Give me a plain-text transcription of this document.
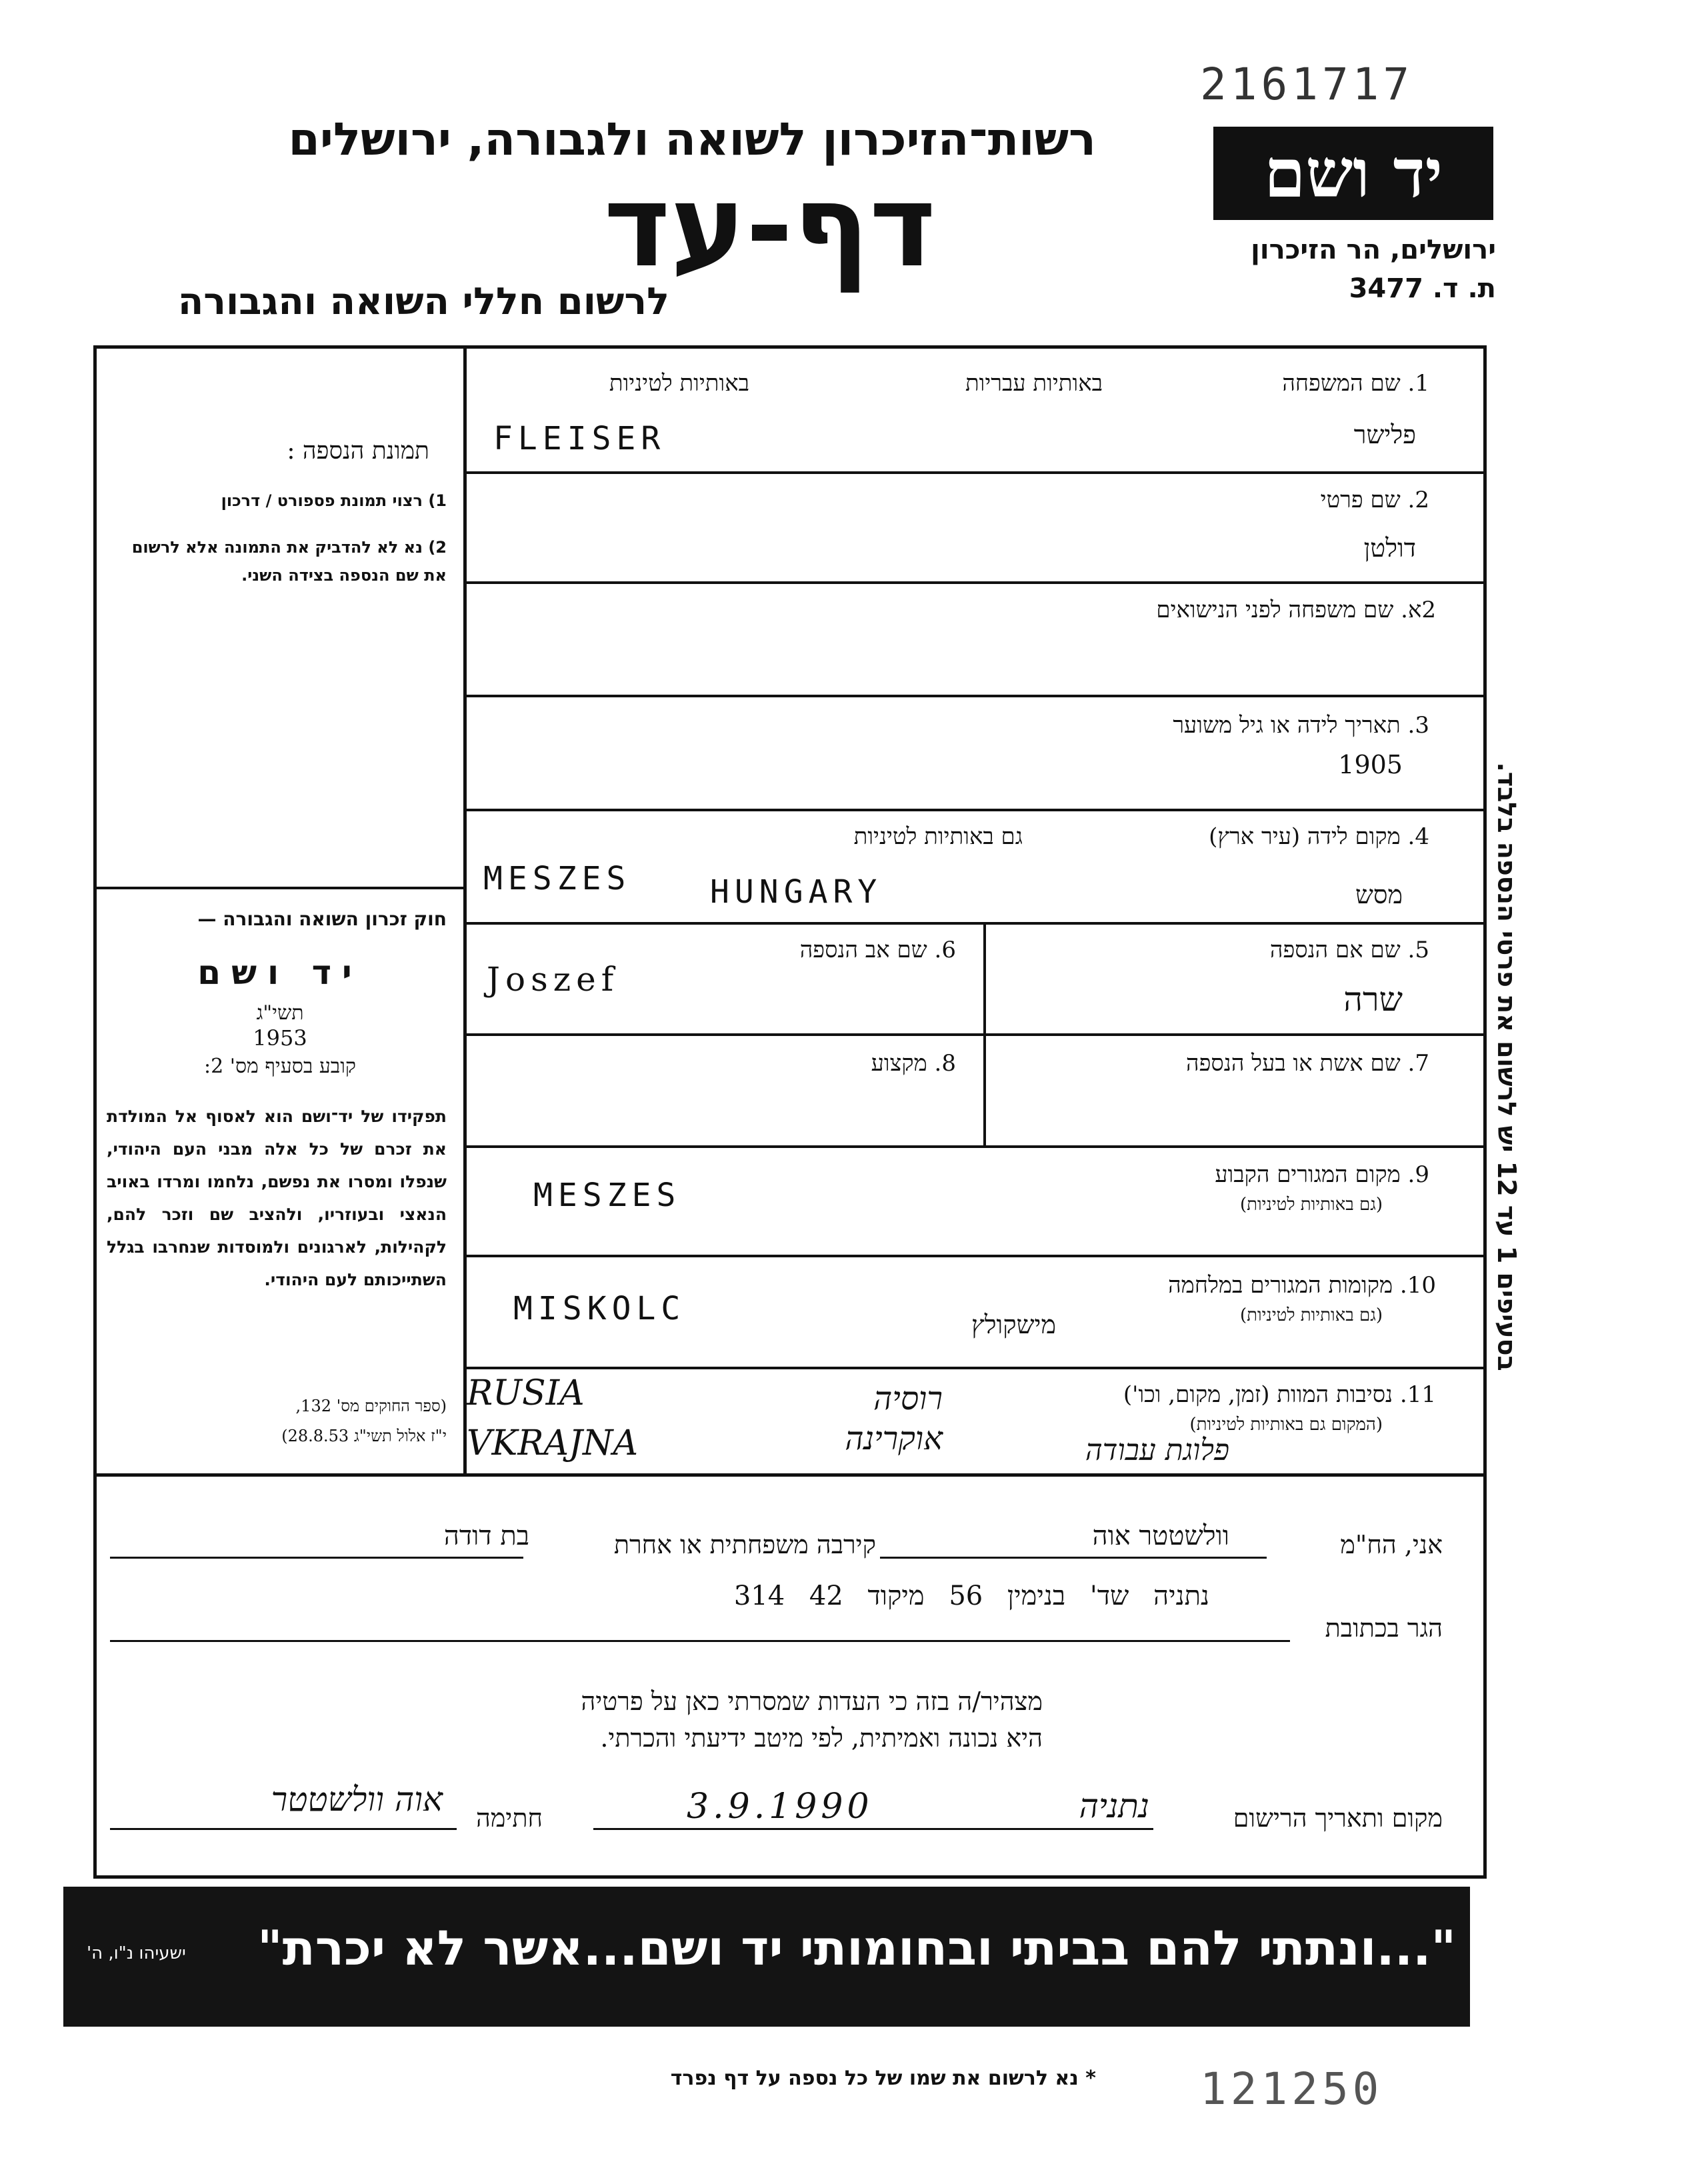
2161717
יד ושם
ירושלים, הר הזיכרון
ת. ד. 3477
רשות־הזיכרון לשואה ולגבורה, ירושלים
דף-עד
לרשום חללי השואה והגבורה
בסעיפים 1 עד 12 יש לרשום את פרטי הנספה בלבד.
תמונת הנספה :
1) רצוי תמונת פספורט / דרכון
2) נא לא להדביק את התמונה אלא לרשום את שם הנספה בצידה השני.
חוק זכרון השואה והגבורה —
יד ושם
תשי"ג
1953
קובע בסעיף מס' 2:
תפקידו של יד־ושם הוא לאסוף אל המולדת את זכרם של כל אלה מבני העם היהודי, שנפלו ומסרו את נפשם, נלחמו ומרדו באויב הנאצי ובעוזריו, ולהציב שם וזכר להם, לקהילות, לארגונים ולמוסדות שנחרבו בגלל השתייכותם לעם היהודי.
(ספר החוקים מס' 132,
י"ז אלול תשי"ג 28.8.53)
1. שם המשפחה
באותיות עבריות
באותיות לטיניות
פלישר
FLEISER
2. שם פרטי
דולטן
2א. שם משפחה לפני הנישואים
3. תאריך לידה או גיל משוער
1905
4. מקום לידה (עיר ארץ)
גם באותיות לטיניות
מסש
MESZES HUNGARY
5. שם אם הנספה
שרה
6. שם אב הנספה
Joszef
7. שם אשת או בעל הנספה
8. מקצוע
9. מקום המגורים הקבוע
(גם באותיות לטיניות)
MESZES
10. מקומות המגורים במלחמה
(גם באותיות לטיניות)
MISKOLC	מישקולץ
11. נסיבות המוות (זמן, מקום, וכו')
(המקום גם באותיות לטיניות)
RUSIA
VKRAJNA
רוסיה
אוקרינה	פלוגת עבודה
אני, הח"מ
וולשטטר אוה
קירבה משפחתית או אחרת
בת דודה
הגר בכתובת
נתניה שד' בנימין 56 מיקוד 42 314
מצהיר/ה בזה כי העדות שמסרתי כאן על פרטיה
היא נכונה ואמיתית, לפי מיטב ידיעתי והכרתי.
מקום ותאריך הרישום
נתניה
3.9.1990
חתימה
אוה וולשטטר
"...ונתתי להם בביתי ובחומותי יד ושם...אשר לא יכרת"
ישעיהו נ"ו, ה'
* נא לרשום את שמו של כל נספה על דף נפרד 121250
